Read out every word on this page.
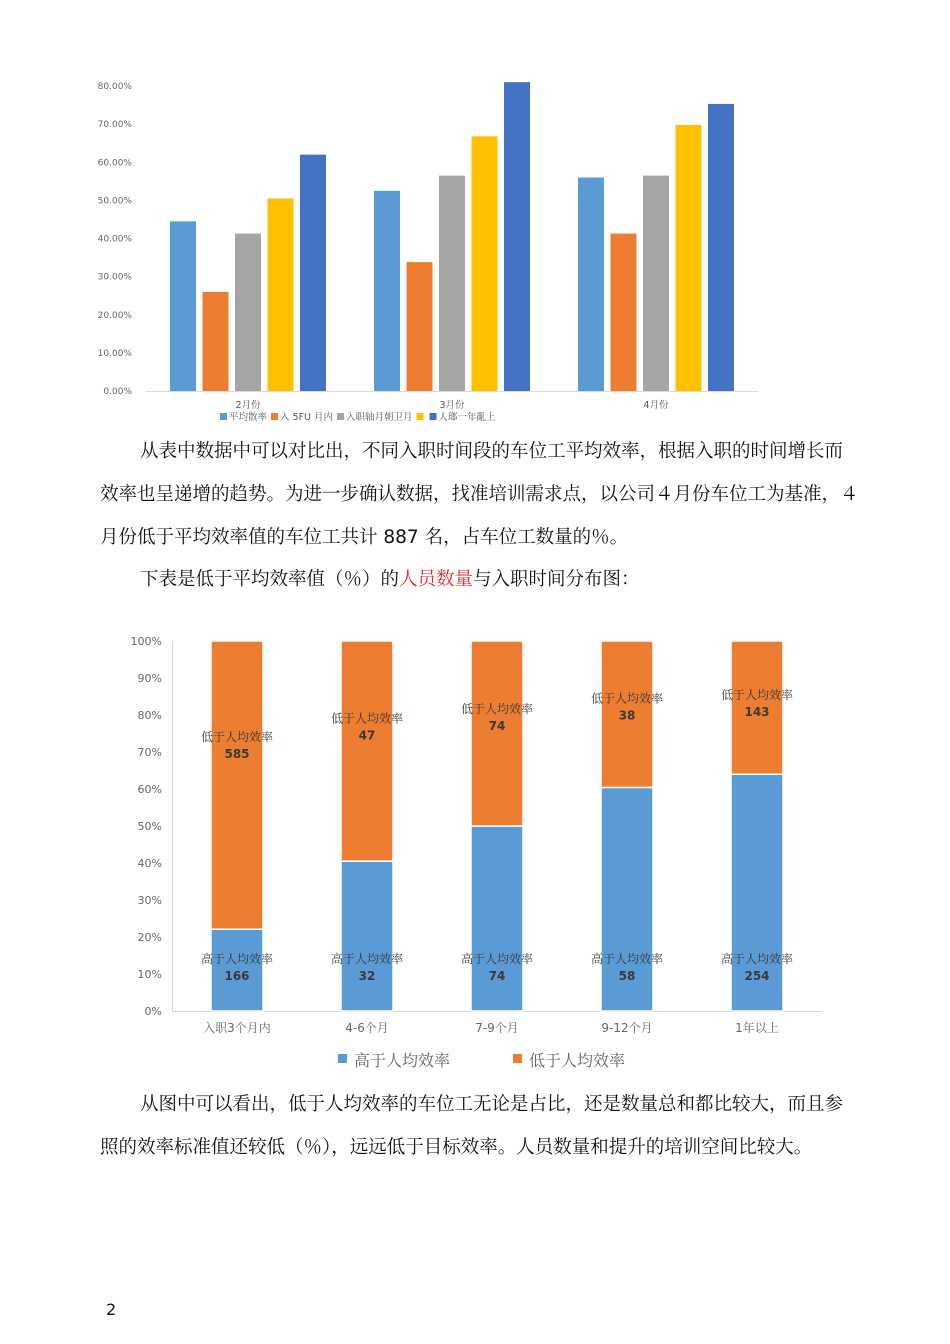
0.00%
10.00%
20.00%
30.00%
40.00%
50.00%
60.00%
70.00%
80.00%
2月份	3月份	4月份
平均散率 入 5FU 月内 入职轴月朝卫月	人瑯一年亂上

从表中数据中可以对比出，不同入职时间段的车位工平均效率，根据入职的时间增长而效率也呈递增的趋势。为进一步确认数据，找准培训需求点，以公司４月份车位工为基准，４月份低于平均效率值的车位工共计 887 名，占车位工数量的％。

下表是低于平均效率值（％）的人员数量与入职时间分布图：

0%
10%
20%
30%
40%
50%
60%
70%
80%
90%
100%
高于人均效率
166
低于人均效率
585
入职3个月内
高于人均效率
32
低于人均效率
47
4-6个月
高于人均效率
74
低于人均效率
74
7-9个月
高于人均效率
58
低于人均效率
38
9-12个月
高于人均效率
254
低于人均效率
143
1年以上
高于人均效率	低于人均效率

从图中可以看出，低于人均效率的车位工无论是占比，还是数量总和都比较大，而且参照的效率标准值还较低（％），远远低于目标效率。人员数量和提升的培训空间比较大。

2
